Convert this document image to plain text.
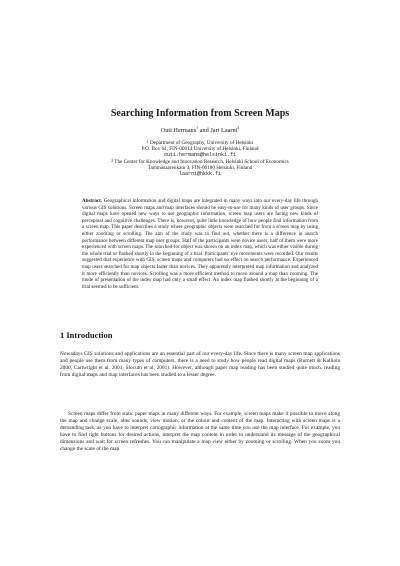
Searching Information from Screen Maps
Outi Hermans$^1$ and Jari Laarni$^2$
$^1$ Department of Geography, University of Helsinki
P.O. Box 64, FIN-00014 University of Helsinki, Finland
outi.hermans@helsinki.fi
$^2$ The Center for Knowledge and Innovation Research, Helsinki School of Economics
Tammasaarenkatu 3, FIN-00180 Helsinki, Finland
laarni@hkkk.fi
Abstract. Geographical information and digital maps are integrated in many ways into our every-day life through various GIS solutions. Screen maps and map interfaces should be easy-to-use for many kinds of user groups. Since digital maps have opened new ways to use geographic information, screen map users are facing new kinds of perceptual and cognitive challenges. There is, however, quite little knowledge of how people find information from a screen map. This paper describes a study where geographic objects were searched for from a screen map by using either zooming or scrolling. The aim of the study was to find out, whether there is a difference in search performance between different map user groups. Half of the participants were novice users; half of them were more experienced with screen maps. The searched-for object was shown on an index map, which was either visible during the whole trial or flashed shortly in the beginning of a trial. Participants' eye movements were recorded. Our results suggested that experience with GIS, screen maps and computers had no effect on search performance. Experienced map users searched for map objects faster than novices. They apparently interpreted map information and analyzed it more efficiently than novices. Scrolling was a more efficient method to move around a map than zooming. The mode of presentation of the index map had only a small effect. An index map flashed shortly at the beginning of a trial seemed to be sufficient.
1 Introduction
Nowadays GIS solutions and applications are an essential part of our every-day life. Since there is many screen map applications and people use them from many types of computers, there is a need to study how people read digital maps (Burnett & Kalliola 2000, Cartwright et al. 2001, Slocum et al. 2001). However, although paper map reading has been studied quite much, reading from digital maps and map interfaces has been studied to a lesser degree.
Screen maps differ from static paper maps in many different ways. For example, screen maps make it possible to move along the map and change scale, alter sounds, view motion, or the colour and content of the map. Interacting with screen maps is a demanding task, as you have to interpret cartographic information at the same time you use the map interface. For example, you have to find right buttons for desired actions, interpret the map content in order to understand its message of the geographical dimensions and wait for screen refreshes. You can manipulate a map view either by zooming or scrolling. When you zoom you change the scale of the map
